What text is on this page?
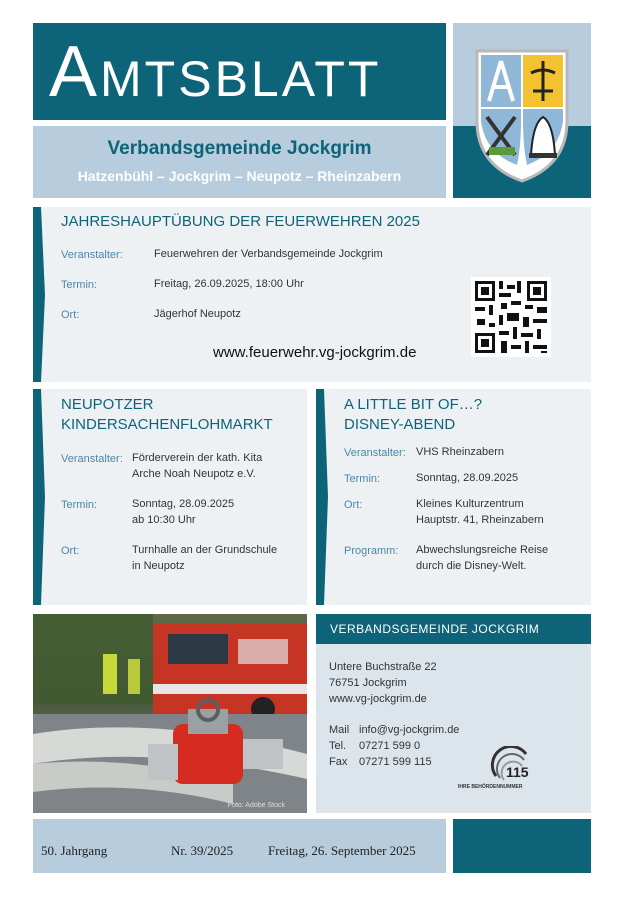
AMTSBLATT
Verbandsgemeinde Jockgrim
Hatzenbühl – Jockgrim – Neupotz – Rheinzabern
JAHRESHAUPTÜBUNG DER FEUERWEHREN 2025
Veranstalter:	Feuerwehren der Verbandsgemeinde Jockgrim
Termin:	Freitag, 26.09.2025, 18:00 Uhr
Ort:	Jägerhof Neupotz
www.feuerwehr.vg-jockgrim.de
NEUPOTZER
KINDERSACHENFLOHMARKT
Veranstalter: Förderverein der kath. Kita
Arche Noah Neupotz e.V.
Termin:	Sonntag, 28.09.2025
ab 10:30 Uhr
Ort:	Turnhalle an der Grundschule
in Neupotz
A LITTLE BIT OF…?
DISNEY-ABEND
Veranstalter: VHS Rheinzabern
Termin:	Sonntag, 28.09.2025
Ort:	Kleines Kulturzentrum
Hauptstr. 41, Rheinzabern
Programm: Abwechslungsreiche Reise
durch die Disney-Welt.
Foto: Adobe Stock
VERBANDSGEMEINDE JOCKGRIM
Untere Buchstraße 22
76751 Jockgrim
www.vg-jockgrim.de
Mail info@vg-jockgrim.de
Tel. 07271 599 0
Fax 07271 599 115
115
IHRE BEHÖRDENNUMMER
50. Jahrgang	Nr. 39/2025	Freitag, 26. September 2025
